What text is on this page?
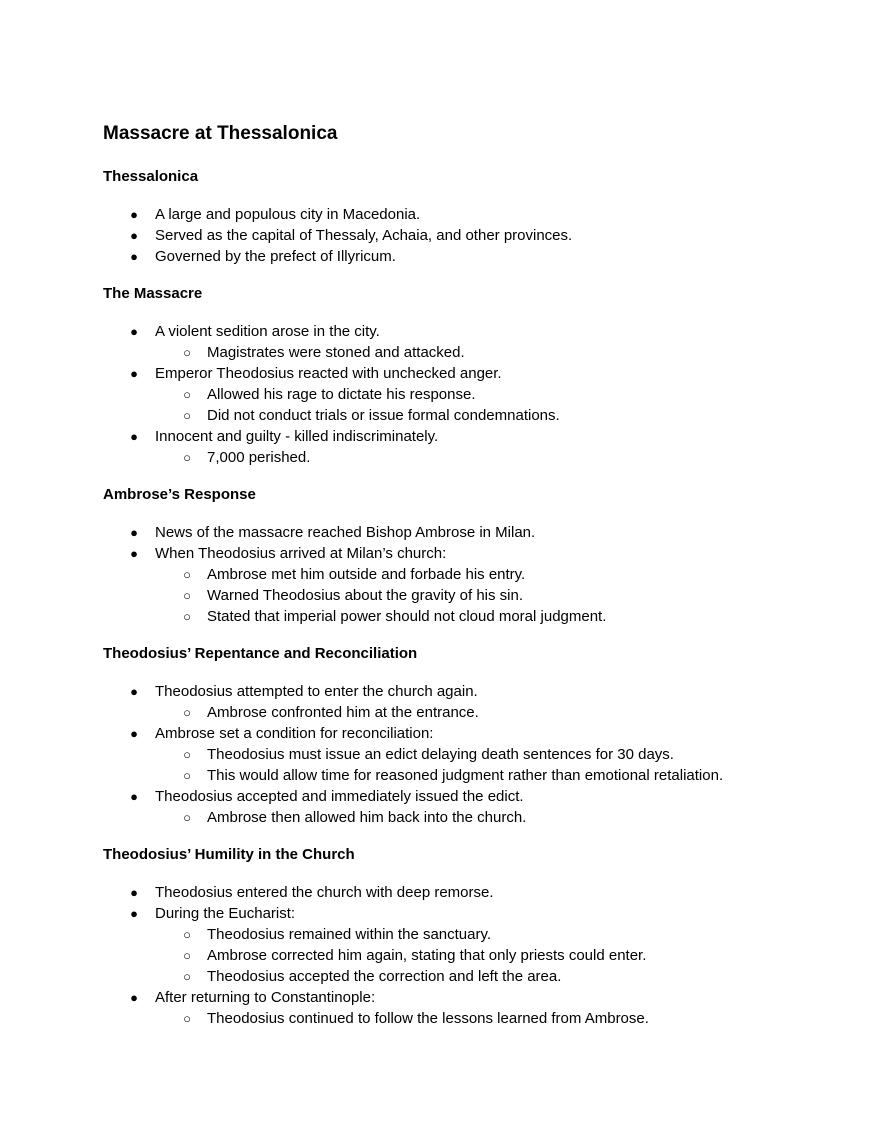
Massacre at Thessalonica
Thessalonica
● A large and populous city in Macedonia.
● Served as the capital of Thessaly, Achaia, and other provinces.
● Governed by the prefect of Illyricum.
The Massacre
● A violent sedition arose in the city.
○ Magistrates were stoned and attacked.
● Emperor Theodosius reacted with unchecked anger.
○ Allowed his rage to dictate his response.
○ Did not conduct trials or issue formal condemnations.
● Innocent and guilty - killed indiscriminately.
○ 7,000 perished.
Ambrose’s Response
● News of the massacre reached Bishop Ambrose in Milan.
● When Theodosius arrived at Milan’s church:
○ Ambrose met him outside and forbade his entry.
○ Warned Theodosius about the gravity of his sin.
○ Stated that imperial power should not cloud moral judgment.
Theodosius’ Repentance and Reconciliation
● Theodosius attempted to enter the church again.
○ Ambrose confronted him at the entrance.
● Ambrose set a condition for reconciliation:
○ Theodosius must issue an edict delaying death sentences for 30 days.
○ This would allow time for reasoned judgment rather than emotional retaliation.
● Theodosius accepted and immediately issued the edict.
○ Ambrose then allowed him back into the church.
Theodosius’ Humility in the Church
● Theodosius entered the church with deep remorse.
● During the Eucharist:
○ Theodosius remained within the sanctuary.
○ Ambrose corrected him again, stating that only priests could enter.
○ Theodosius accepted the correction and left the area.
● After returning to Constantinople:
○ Theodosius continued to follow the lessons learned from Ambrose.
